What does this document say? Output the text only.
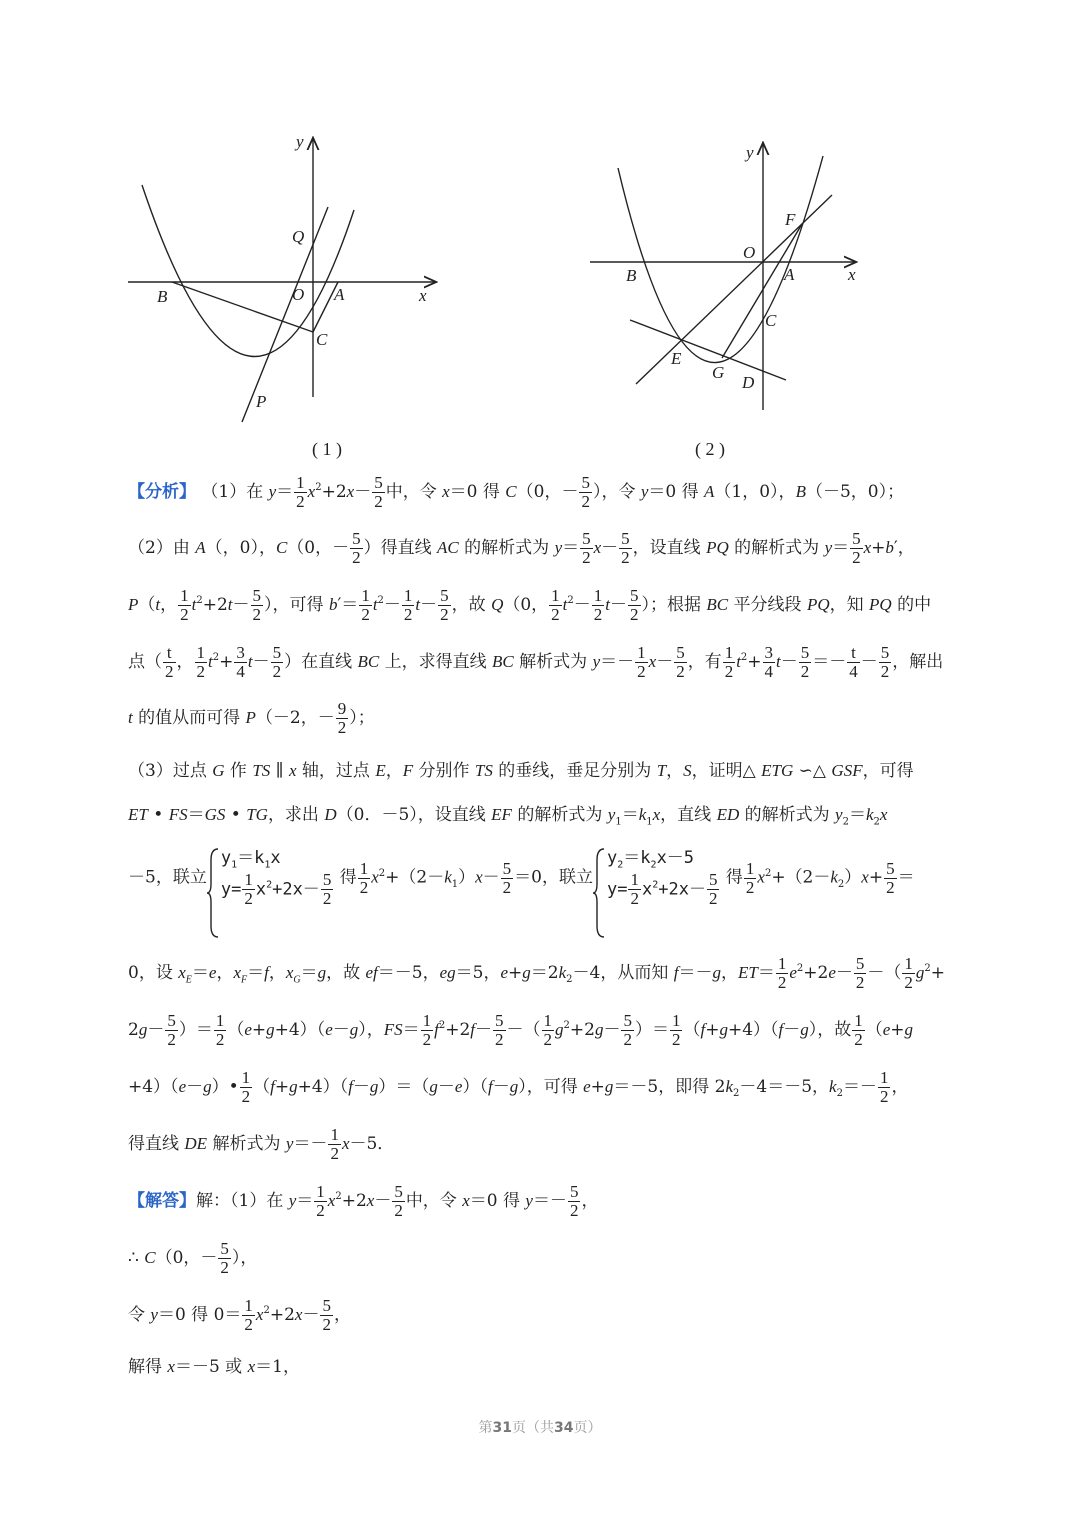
y
x
Q
O A
B
C
P
( 1 )
y
x
F
O
A
B
C
E
G
D
( 2 )
【分析】 （1）在 $y= \frac{1}{2} x^2+2x- \frac{5}{2}$ 中，令 x＝0 得 C（0，－ $\frac{5}{2}$ ），令 y＝0 得 A（1，0），B（－5，0）；
（2）由 A（，0），C（0，－ $\frac{5}{2}$ ）得直线 AC 的解析式为 $y= \frac{5}{2} x- \frac{5}{2}$ ，设直线 PQ 的解析式为 $y= \frac{5}{2} x+b'$，
P（t， $\frac{1}{2} t^2+2t- \frac{5}{2}$ ），可得 $b'= \frac{1}{2} t^2- \frac{1}{2} t- \frac{5}{2}$ ，故 Q（0， $\frac{1}{2} t^2- \frac{1}{2} t- \frac{5}{2}$ ）；根据 BC 平分线段 PQ，知 PQ 的中
点（ $\frac{t}{2}$ ， $\frac{1}{2} t^2+ \frac{3}{4} t- \frac{5}{2}$ ）在直线 BC 上，求得直线 BC 解析式为 $y=- \frac{1}{2} x- \frac{5}{2}$ ，有 $\frac{1}{2} t^2+ \frac{3}{4} t- \frac{5}{2} =- \frac{t}{4} - \frac{5}{2}$ ，解出
t 的值从而可得 P（－2，－ $\frac{9}{2}$ ）；
（3）过点 G 作 TS ∥ x 轴，过点 E，F 分别作 TS 的垂线，垂足分别为 T，S，证明△ ETG ∽△ GSF，可得
ET • FS＝GS • TG，求出 D（0．－5），设直线 EF 的解析式为 $y_1=k_1x$，直线 ED 的解析式为 $y_2=k_2x$
－5，联立
$y_1=k_1x$
$y= \frac{1}{2} x^2+2x- \frac{5}{2}$ 得 $\frac{1}{2} x^2+(2-k_1)x- \frac{5}{2} =0$，联立
$y_2=k_2x-5$
$y= \frac{1}{2} x^2+2x- \frac{5}{2}$ 得 $\frac{1}{2} x^2+(2-k_2)x+ \frac{5}{2}$ ＝
0，设 $x_E=e$，$x_F=f$，$x_G=g$，故 ef＝－5，eg＝5，$e+g=2k_2-4$，从而知 f＝－g，$ET= \frac{1}{2} e^2+2e- \frac{5}{2}$ －（ $\frac{1}{2} g^2+$
$2g- \frac{5}{2}$ ）＝ $\frac{1}{2} (e+g+4)(e-g)$，$FS= \frac{1}{2} f^2+2f- \frac{5}{2}$ －（ $\frac{1}{2} g^2+2g- \frac{5}{2}$ ）＝ $\frac{1}{2} (f+g+4)(f-g)$，故 $\frac{1}{2} (e+g$
+4）（e－g）• $\frac{1}{2} (f+g+4)(f-g)=(g-e)(f-g)$，可得 e+g＝－5，即得 $2k_2-4=-5$，$k_2=- \frac{1}{2}$ ，
得直线 DE 解析式为 $y=- \frac{1}{2} x-5$．
【解答】解：（1）在 $y= \frac{1}{2} x^2+2x- \frac{5}{2}$ 中，令 x＝0 得 $y=- \frac{5}{2}$ ，
∴ C（0，－ $\frac{5}{2}$ ），
令 y＝0 得 $0= \frac{1}{2} x^2+2x- \frac{5}{2}$ ，
解得 x＝－5 或 x＝1，
第31页（共34页）
